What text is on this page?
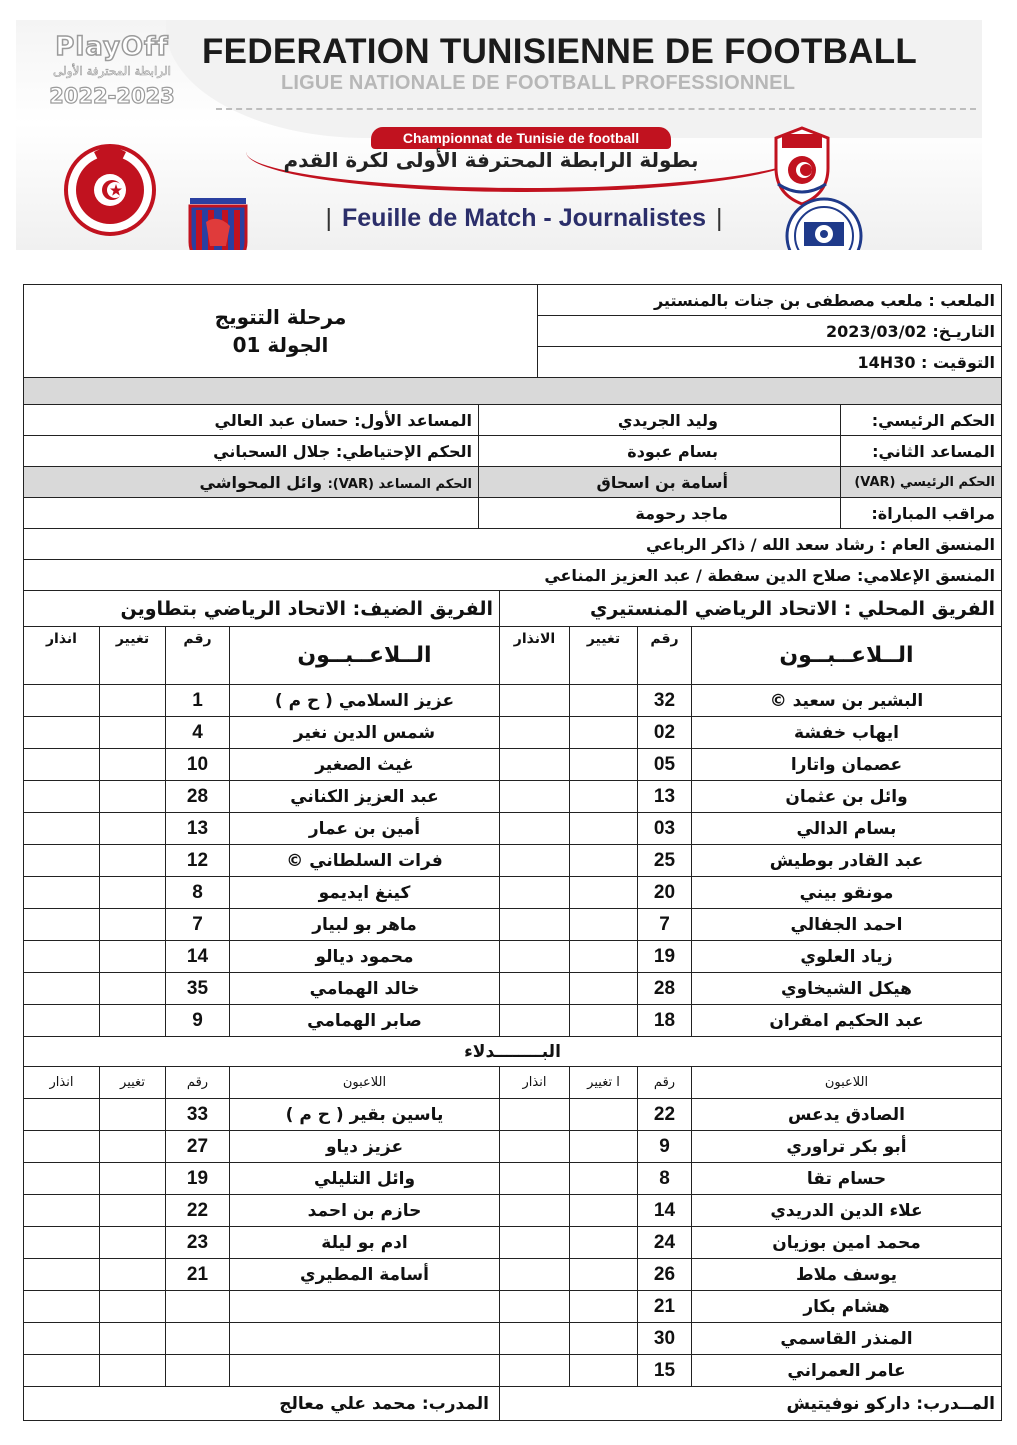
PlayOff
الرابطة المحترفة الأولى
2022-2023
FEDERATION TUNISIENNE DE FOOTBALL
LIGUE NATIONALE DE FOOTBALL PROFESSIONNEL
Championnat de Tunisie de football
بطولة الرابطة المحترفة الأولى لكرة القدم
| Feuille de Match - Journalistes |
مرحلة التتويج
الجولة 01
	الملعب : ملعب مصطفى بن جنات بالمنستير
التاريـخ: 2023/03/02
التوقيت : 14H30

المساعد الأول: حسان عبد العالي	وليد الجريدي	الحكم الرئيسي:
الحكم الإحتياطي: جلال السحباني	بسام عبودة	المساعد الثاني:
الحكم المساعد (VAR): وائل المحواشي	أسامة بن اسحاق	الحكم الرئيسي (VAR)
	ماجد رحومة	مراقب المباراة:
المنسق العام : رشاد سعد الله / ذاكر الرباعي		
المنسق الإعلامي: صلاح الدين سفطة / عبد العزيز المناعي		
الفريق الضيف: الاتحاد الرياضي بتطاوين				الفريق المحلي : الاتحاد الرياضي المنستيري			
انذار	تغيير	رقم	الــلاعــبــون	الانذار	تغيير	رقم	الــلاعــبــون
		1	عزيز السلامي ( ح م )			32	البشير بن سعيد ©
		4	شمس الدين نغير			02	ايهاب خفشة
		10	غيث الصغير			05	عصمان واتارا
		28	عبد العزيز الكناني			13	وائل بن عثمان
		13	أمين بن عمار			03	بسام الدالي
		12	فرات السلطاني ©			25	عبد القادر بوطيش
		8	كينغ ايديمو			20	مونقو بيني
		7	ماهر بو لبيار			7	احمد الجفالي
		14	محمود ديالو			19	زياد العلوي
		35	خالد الهمامي			28	هيكل الشيخاوي
		9	صابر الهمامي			18	عبد الحكيم امقران
البــــــــدلاء							
انذار	تغيير	رقم	اللاعبون	انذار	ا تغيير	رقم	اللاعبون
		33	ياسين بقير ( ح م )			22	الصادق يدعس
		27	عزيز دياو			9	أبو بكر تراوري
		19	وائل التليلي			8	حسام تقا
		22	حازم بن احمد			14	علاء الدين الدريدي
		23	ادم بو ليلة			24	محمد امين بوزيان
		21	أسامة المطيري			26	يوسف ملاط
						21	هشام بكار
						30	المنذر القاسمي
						15	عامر العمراني
المدرب: محمد علي معالج				المــدرب: داركو نوفيتيش			
